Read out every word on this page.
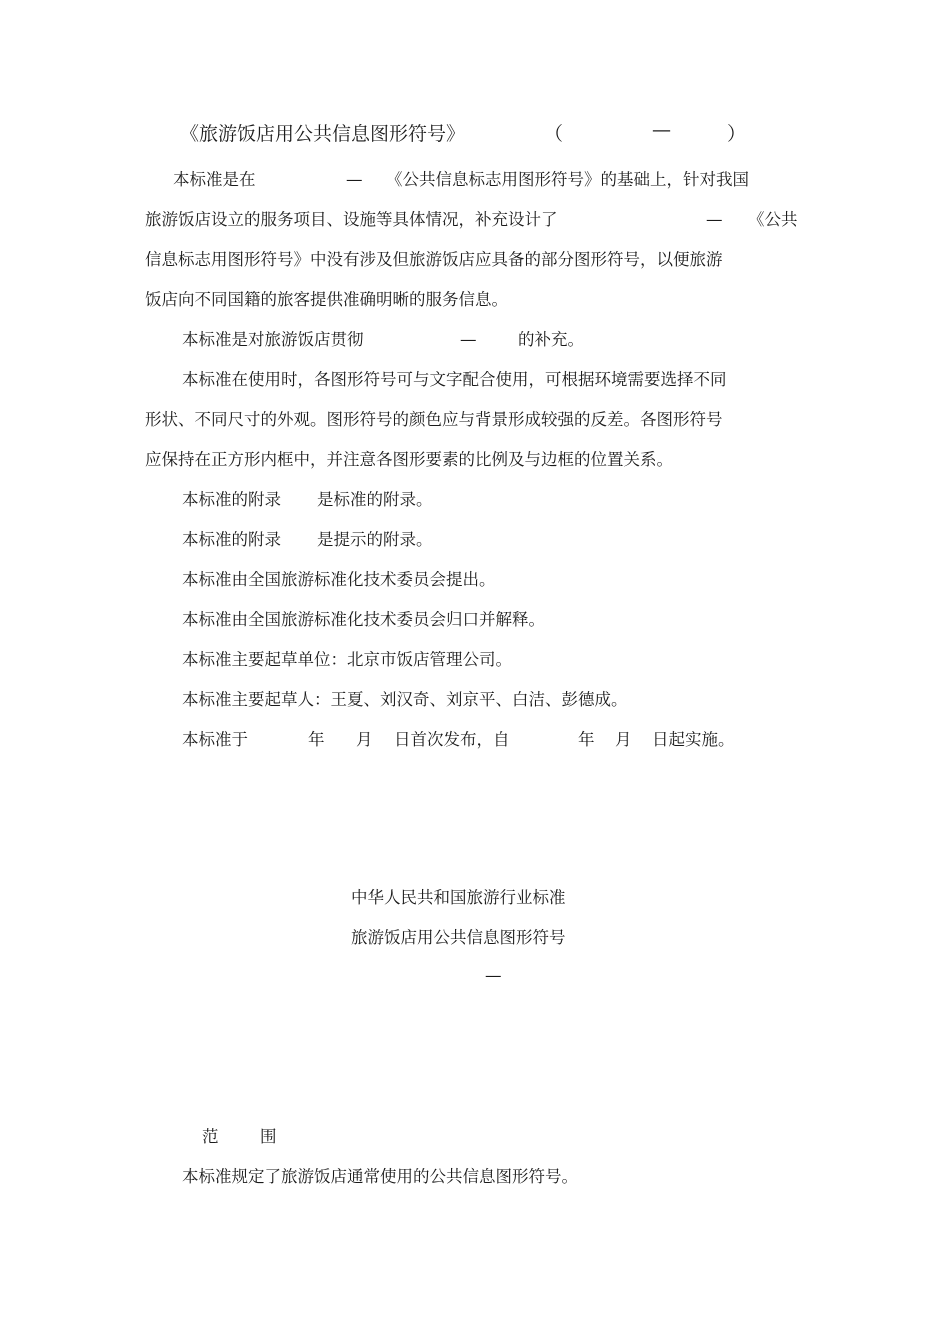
《旅游饭店用公共信息图形符号》	（	—	）
本标准是在	— 《公共信息标志用图形符号》的基础上，针对我国
旅游饭店设立的服务项目、设施等具体情况，补充设计了	— 《公共
信息标志用图形符号》中没有涉及但旅游饭店应具备的部分图形符号，以便旅游
饭店向不同国籍的旅客提供准确明晰的服务信息。
本标准是对旅游饭店贯彻	—	的补充。
本标准在使用时，各图形符号可与文字配合使用，可根据环境需要选择不同
形状、不同尺寸的外观。图形符号的颜色应与背景形成较强的反差。各图形符号
应保持在正方形内框中，并注意各图形要素的比例及与边框的位置关系。
本标准的附录 是标准的附录。
本标准的附录 是提示的附录。
本标准由全国旅游标准化技术委员会提出。
本标准由全国旅游标准化技术委员会归口并解释。
本标准主要起草单位：北京市饭店管理公司。
本标准主要起草人：王夏、刘汉奇、刘京平、白洁、彭德成。
本标准于	年 月 日首次发布，自	年 月 日起实施。
中华人民共和国旅游行业标准
旅游饭店用公共信息图形符号
—
范	围
本标准规定了旅游饭店通常使用的公共信息图形符号。
